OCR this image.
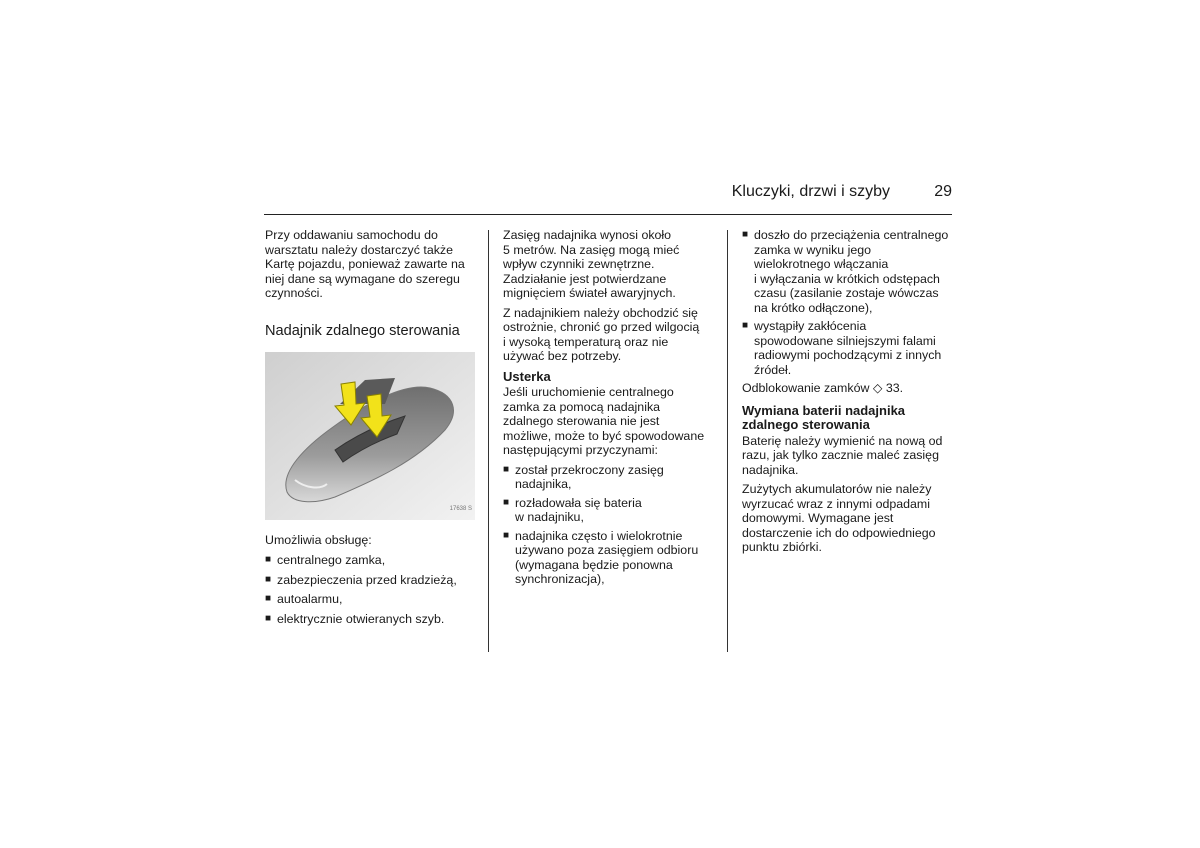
Kluczyki, drzwi i szyby	29

Przy oddawaniu samochodu do
warsztatu należy dostarczyć także
Kartę pojazdu, ponieważ zawarte na
niej dane są wymagane do szeregu
czynności.

Nadajnik zdalnego sterowania
17638 S

Umożliwia obsługę:

■ centralnego zamka,
■ zabezpieczenia przed kradzieżą,
■ autoalarmu,
■ elektrycznie otwieranych szyb.

Zasięg nadajnika wynosi około
5 metrów. Na zasięg mogą mieć
wpływ czynniki zewnętrzne.
Zadziałanie jest potwierdzane
mignięciem świateł awaryjnych.

Z nadajnikiem należy obchodzić się
ostrożnie, chronić go przed wilgocią
i wysoką temperaturą oraz nie
używać bez potrzeby.

Usterka

Jeśli uruchomienie centralnego
zamka za pomocą nadajnika
zdalnego sterowania nie jest
możliwe, może to być spowodowane
następującymi przyczynami:

■ został przekroczony zasięg
nadajnika,
■ rozładowała się bateria
w nadajniku,
■ nadajnika często i wielokrotnie
używano poza zasięgiem odbioru
(wymagana będzie ponowna
synchronizacja),
■ doszło do przeciążenia centralnego
zamka w wyniku jego
wielokrotnego włączania
i wyłączania w krótkich odstępach
czasu (zasilanie zostaje wówczas
na krótko odłączone),
■ wystąpiły zakłócenia
spowodowane silniejszymi falami
radiowymi pochodzącymi z innych
źródeł.

Odblokowanie zamków ◇ 33.

Wymiana baterii nadajnika
zdalnego sterowania

Baterię należy wymienić na nową od
razu, jak tylko zacznie maleć zasięg
nadajnika.

Zużytych akumulatorów nie należy
wyrzucać wraz z innymi odpadami
domowymi. Wymagane jest
dostarczenie ich do odpowiedniego
punktu zbiórki.
